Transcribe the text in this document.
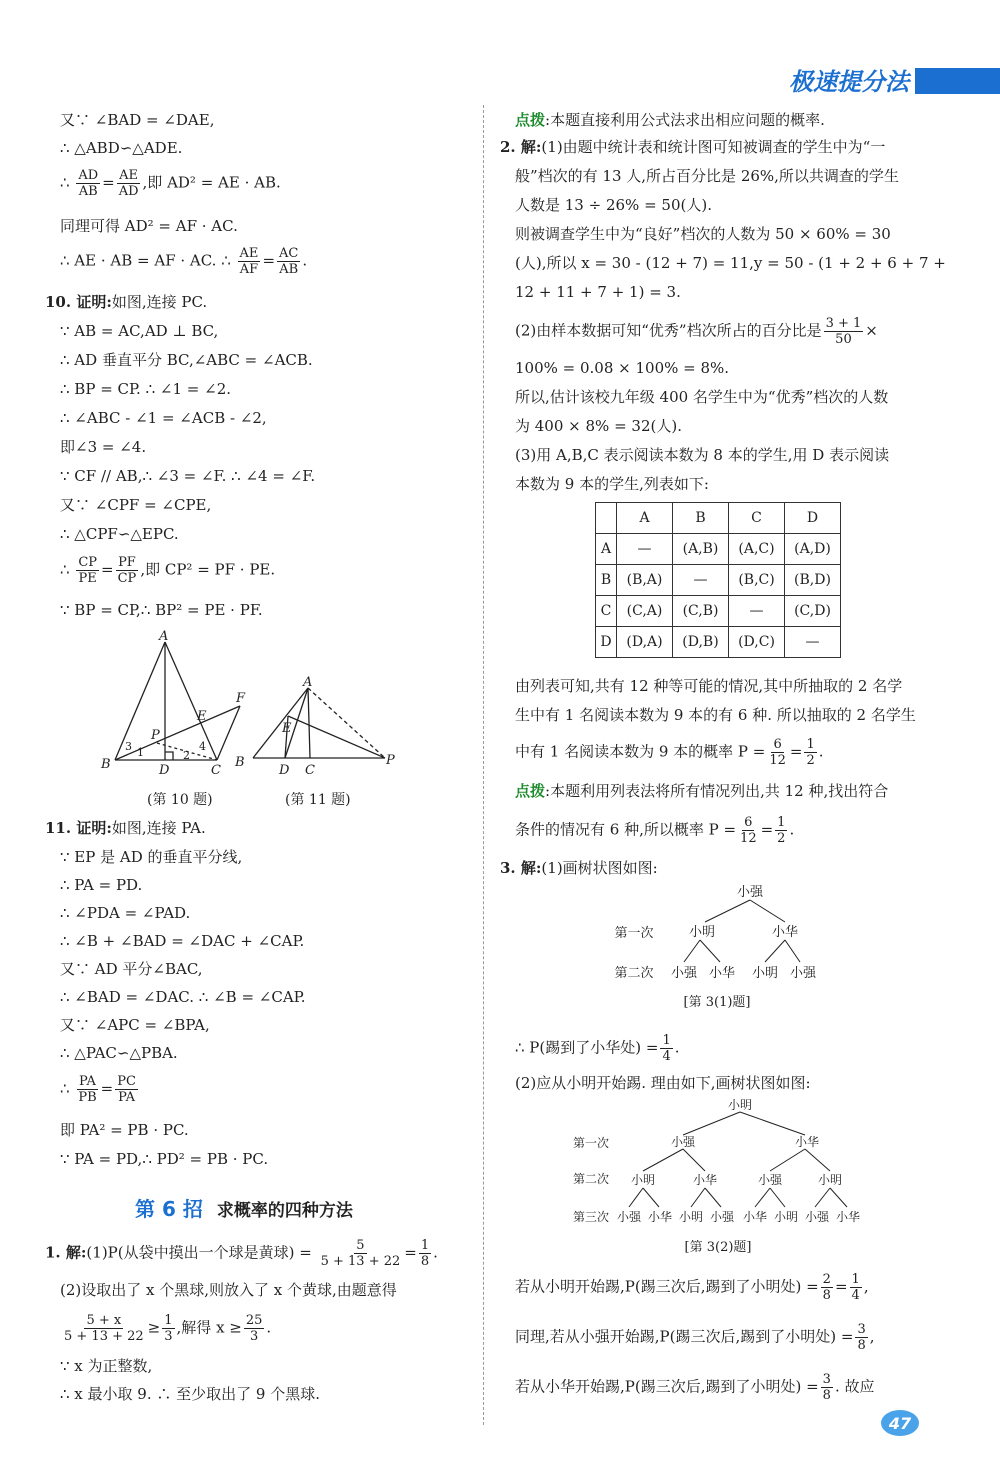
极速提分法
又∵ ∠BAD = ∠DAE,
∴ △ABD∽△ADE.
∴ $\frac{AD}{AB} = \frac{AE}{AD}$ ,即 AD² = AE · AB.
同理可得 AD² = AF · AC.
∴ AE · AB = AF · AC. ∴ $\frac{AE}{AF} = \frac{AC}{AB}$ .
10. 证明:如图,连接 PC.
∵ AB = AC,AD ⊥ BC,
∴ AD 垂直平分 BC,∠ABC = ∠ACB.
∴ BP = CP. ∴ ∠1 = ∠2.
∴ ∠ABC - ∠1 = ∠ACB - ∠2,
即∠3 = ∠4.
∵ CF // AB,∴ ∠3 = ∠F. ∴ ∠4 = ∠F.
又∵ ∠CPF = ∠CPE,
∴ △CPF∽△EPC.
∴ $\frac{CP}{PE} = \frac{PF}{CP}$ ,即 CP² = PF · PE.
∵ BP = CP,∴ BP² = PE · PF.
A
B	C
D
E
F
P
1	2
3	4
A
B
C
D
E
P
(第 10 题)	(第 11 题)
11. 证明:如图,连接 PA.
∵ EP 是 AD 的垂直平分线,
∴ PA = PD.
∴ ∠PDA = ∠PAD.
∴ ∠B + ∠BAD = ∠DAC + ∠CAP.
又∵ AD 平分∠BAC,
∴ ∠BAD = ∠DAC. ∴ ∠B = ∠CAP.
又∵ ∠APC = ∠BPA,
∴ △PAC∽△PBA.
∴ $\frac{PA}{PB} = \frac{PC}{PA}$
即 PA² = PB · PC.
∵ PA = PD,∴ PD² = PB · PC.
第 6 招 求概率的四种方法
1. 解:(1)P(从袋中摸出一个球是黄球) = $\frac{5}{5 + 13 + 22} = \frac{1}{8}$ .
(2)设取出了 x 个黑球,则放入了 x 个黄球,由题意得
$\frac{5 + x}{5 + 13 + 22} \ge \frac{1}{3}$ ,解得 $x \ge \frac{25}{3}$ .
∵ x 为正整数,
∴ x 最小取 9. ∴ 至少取出了 9 个黑球.
点拨:本题直接利用公式法求出相应问题的概率.
2. 解:(1)由题中统计表和统计图可知被调查的学生中为“一
般”档次的有 13 人,所占百分比是 26%,所以共调查的学生
人数是 13 ÷ 26% = 50(人).
则被调查学生中为“良好”档次的人数为 50 × 60% = 30
(人),所以 x = 30 - (12 + 7) = 11,y = 50 - (1 + 2 + 6 + 7 +
12 + 11 + 7 + 1) = 3.
(2)由样本数据可知“优秀”档次所占的百分比是 $\frac{3 + 1}{50}$ ×
100% = 0.08 × 100% = 8%.
所以,估计该校九年级 400 名学生中为“优秀”档次的人数
为 400 × 8% = 32(人).
(3)用 A,B,C 表示阅读本数为 8 本的学生,用 D 表示阅读
本数为 9 本的学生,列表如下:
	A	B	C	D
A	—	(A,B)	(A,C)	(A,D)
B	(B,A)	—	(B,C)	(B,D)
C	(C,A)	(C,B)	—	(C,D)
D	(D,A)	(D,B)	(D,C)	—
由列表可知,共有 12 种等可能的情况,其中所抽取的 2 名学
生中有 1 名阅读本数为 9 本的有 6 种. 所以抽取的 2 名学生
中有 1 名阅读本数为 9 本的概率 $P = \frac{6}{12} = \frac{1}{2}$ .
点拨:本题利用列表法将所有情况列出,共 12 种,找出符合
条件的情况有 6 种,所以概率 $P = \frac{6}{12} = \frac{1}{2}$ .
3. 解:(1)画树状图如图:
小强
第一次
第二次
小明	小华
小强 小华 小明 小强
[第 3(1)题]
∴ P(踢到了小华处) = $\frac{1}{4}$ .
(2)应从小明开始踢. 理由如下,画树状图如图:
小明
第一次
第二次
第三次
小强	小华
小明	小华	小强	小明
小强 小华 小明 小强 小华 小明 小强 小华
[第 3(2)题]
若从小明开始踢,P(踢三次后,踢到了小明处) = $\frac{2}{8} = \frac{1}{4}$ ,
同理,若从小强开始踢,P(踢三次后,踢到了小明处) = $\frac{3}{8}$ ,
若从小华开始踢,P(踢三次后,踢到了小明处) = $\frac{3}{8}$ . 故应
47
